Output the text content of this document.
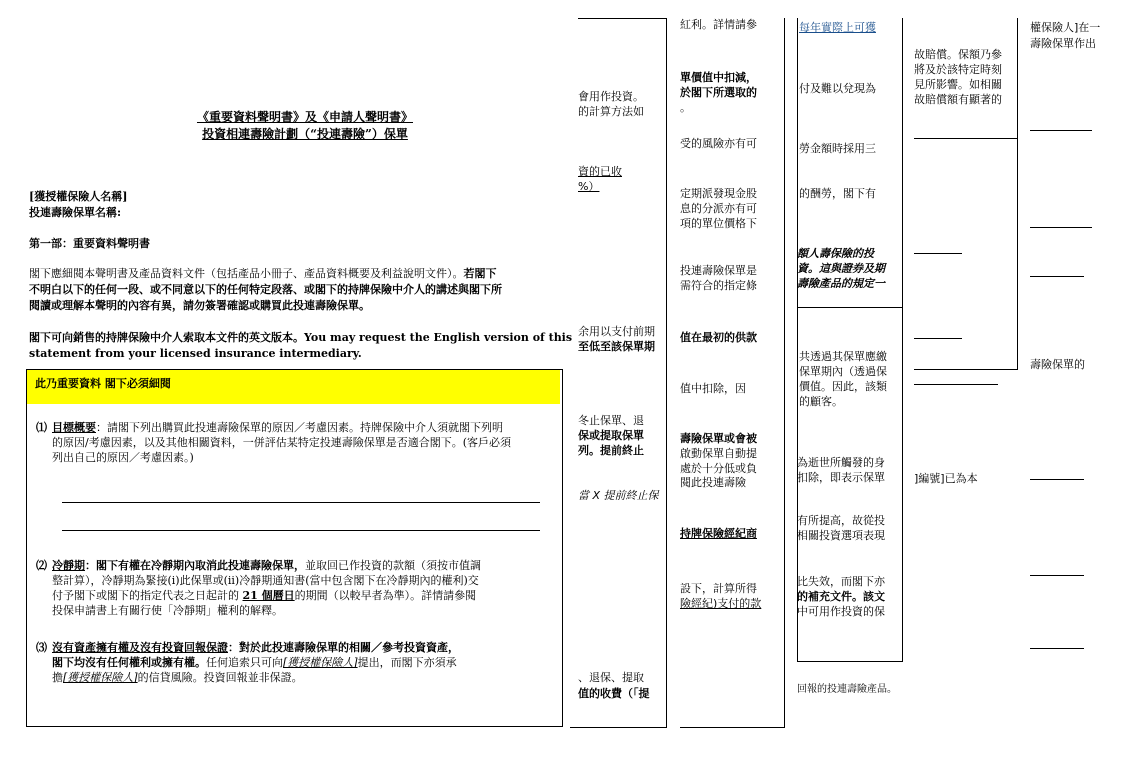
《重要資料聲明書》及《申請人聲明書》
投資相連壽險計劃（“投連壽險”）保單
[獲授權保險人名稱]
投連壽險保單名稱:
第一部：重要資料聲明書
閣下應細閱本聲明書及產品資料文件（包括產品小冊子、產品資料概要及利益說明文件）。若閣下
不明白以下的任何一段、或不同意以下的任何特定段落、或閣下的持牌保險中介人的講述與閣下所
閱讀或理解本聲明的內容有異，請勿簽署確認或購買此投連壽險保單。
閣下可向銷售的持牌保險中介人索取本文件的英文版本。You may request the English version of this
statement from your licensed insurance intermediary.
此乃重要資料 閣下必須細閱
⑴ 目標概要：請閣下列出購買此投連壽險保單的原因／考慮因素。持牌保險中介人須就閣下列明
的原因/考慮因素，以及其他相關資料，一併評估某特定投連壽險保單是否適合閣下。(客戶必須
列出自己的原因／考慮因素。)
⑵ 冷靜期：閣下有權在冷靜期內取消此投連壽險保單，並取回已作投資的款額（須按市值調
整計算），冷靜期為緊接(i)此保單或(ii)冷靜期通知書(當中包含閣下在冷靜期內的權利)交
付予閣下或閣下的指定代表之日起計的 21 個曆日的期間（以較早者為準）。詳情請參閱
投保申請書上有關行使「冷靜期」權利的解釋。
⑶ 沒有資產擁有權及沒有投資回報保證：對於此投連壽險保單的相關／參考投資資產，
閣下均沒有任何權利或擁有權。任何追索只可向[獲授權保險人]提出，而閣下亦須承
擔[獲授權保險人]的信貸風險。投資回報並非保證。
會用作投資。
的計算方法如
資的已收
%）
余用以支付前期
至低至該保單期
冬止保單、退
保或提取保單
列。提前終止
當 X 提前終止保
、退保、提取
值的收費（「提
紅利。詳情請參
單價值中扣減，
於閣下所選取的
。
受的風險亦有可
定期派發現金股
息的分派亦有可
項的單位價格下
投連壽險保單是
需符合的指定條
值在最初的供款
值中扣除，因
壽險保單或會被
啟動保單自動提
處於十分低或負
閱此投連壽險
持牌保險經紀商
設下，計算所得
險經紀)支付的款
每年實際上可獲
付及難以兌現為
勞金額時採用三
的酬勞，閣下有
額人壽保險的投
資。這與證券及期
壽險產品的規定一
共透過其保單應繳
保單期內（透過保
價值。因此，該類
的顧客。
為逝世所觸發的身
扣除，即表示保單
有所提高，故從投
相關投資選項表現
比失效，而閣下亦
的補充文件。該文
中可用作投資的保
回報的投連壽險產品。
故賠償。保額乃參
將及於該特定時刻
見所影響。如相關
故賠償額有顯著的
]編號]已為本
權保險人]在一
壽險保單作出
壽險保單的
